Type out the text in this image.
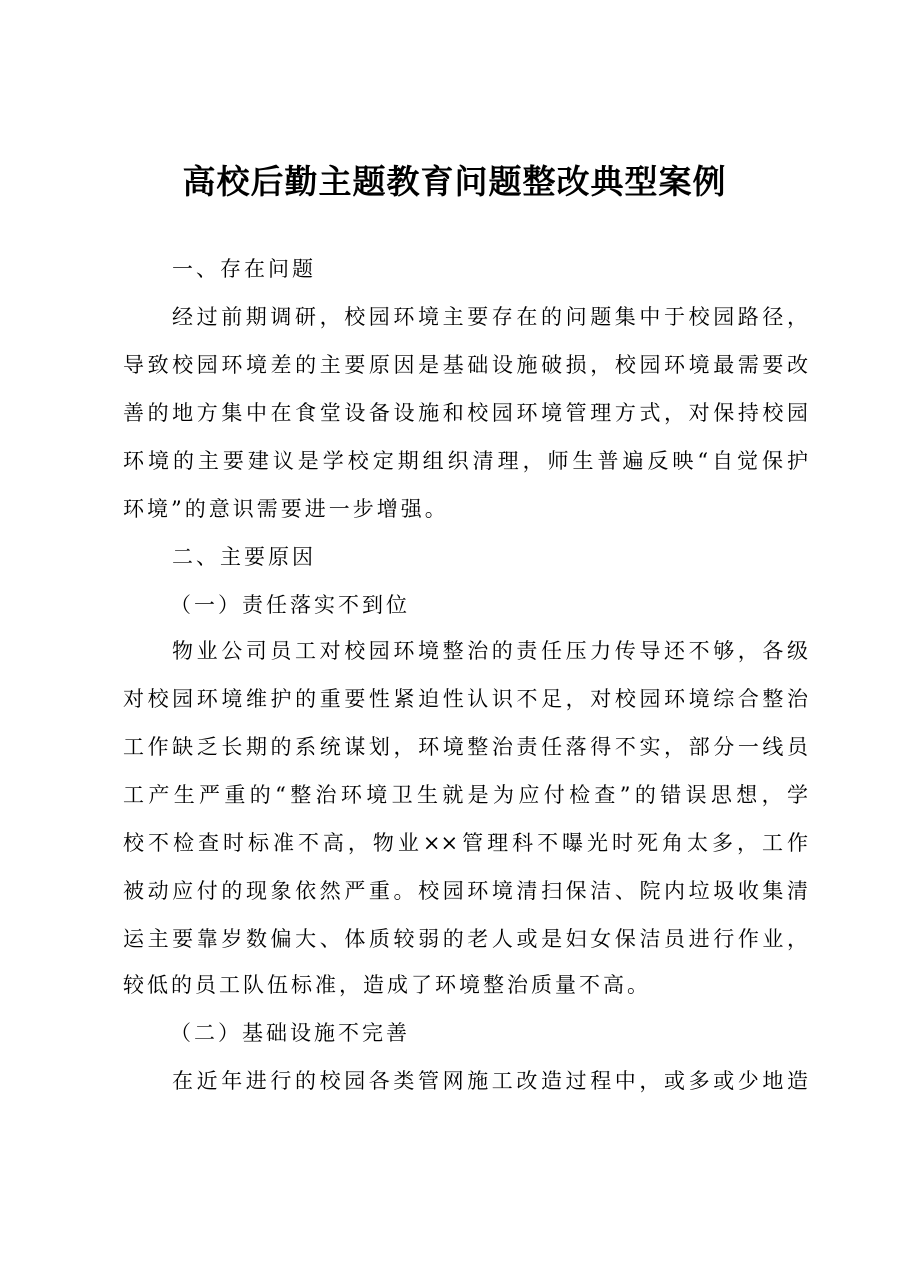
高校后勤主题教育问题整改典型案例
一、存在问题
经过前期调研，校园环境主要存在的问题集中于校园路径，
导致校园环境差的主要原因是基础设施破损，校园环境最需要改
善的地方集中在食堂设备设施和校园环境管理方式，对保持校园
环境的主要建议是学校定期组织清理，师生普遍反映“自觉保护
环境”的意识需要进一步增强。
二、主要原因
（一）责任落实不到位
物业公司员工对校园环境整治的责任压力传导还不够，各级
对校园环境维护的重要性紧迫性认识不足，对校园环境综合整治
工作缺乏长期的系统谋划，环境整治责任落得不实，部分一线员
工产生严重的“整治环境卫生就是为应付检查”的错误思想，学
校不检查时标准不高，物业××管理科不曝光时死角太多，工作
被动应付的现象依然严重。校园环境清扫保洁、院内垃圾收集清
运主要靠岁数偏大、体质较弱的老人或是妇女保洁员进行作业，
较低的员工队伍标准，造成了环境整治质量不高。
（二）基础设施不完善
在近年进行的校园各类管网施工改造过程中，或多或少地造
